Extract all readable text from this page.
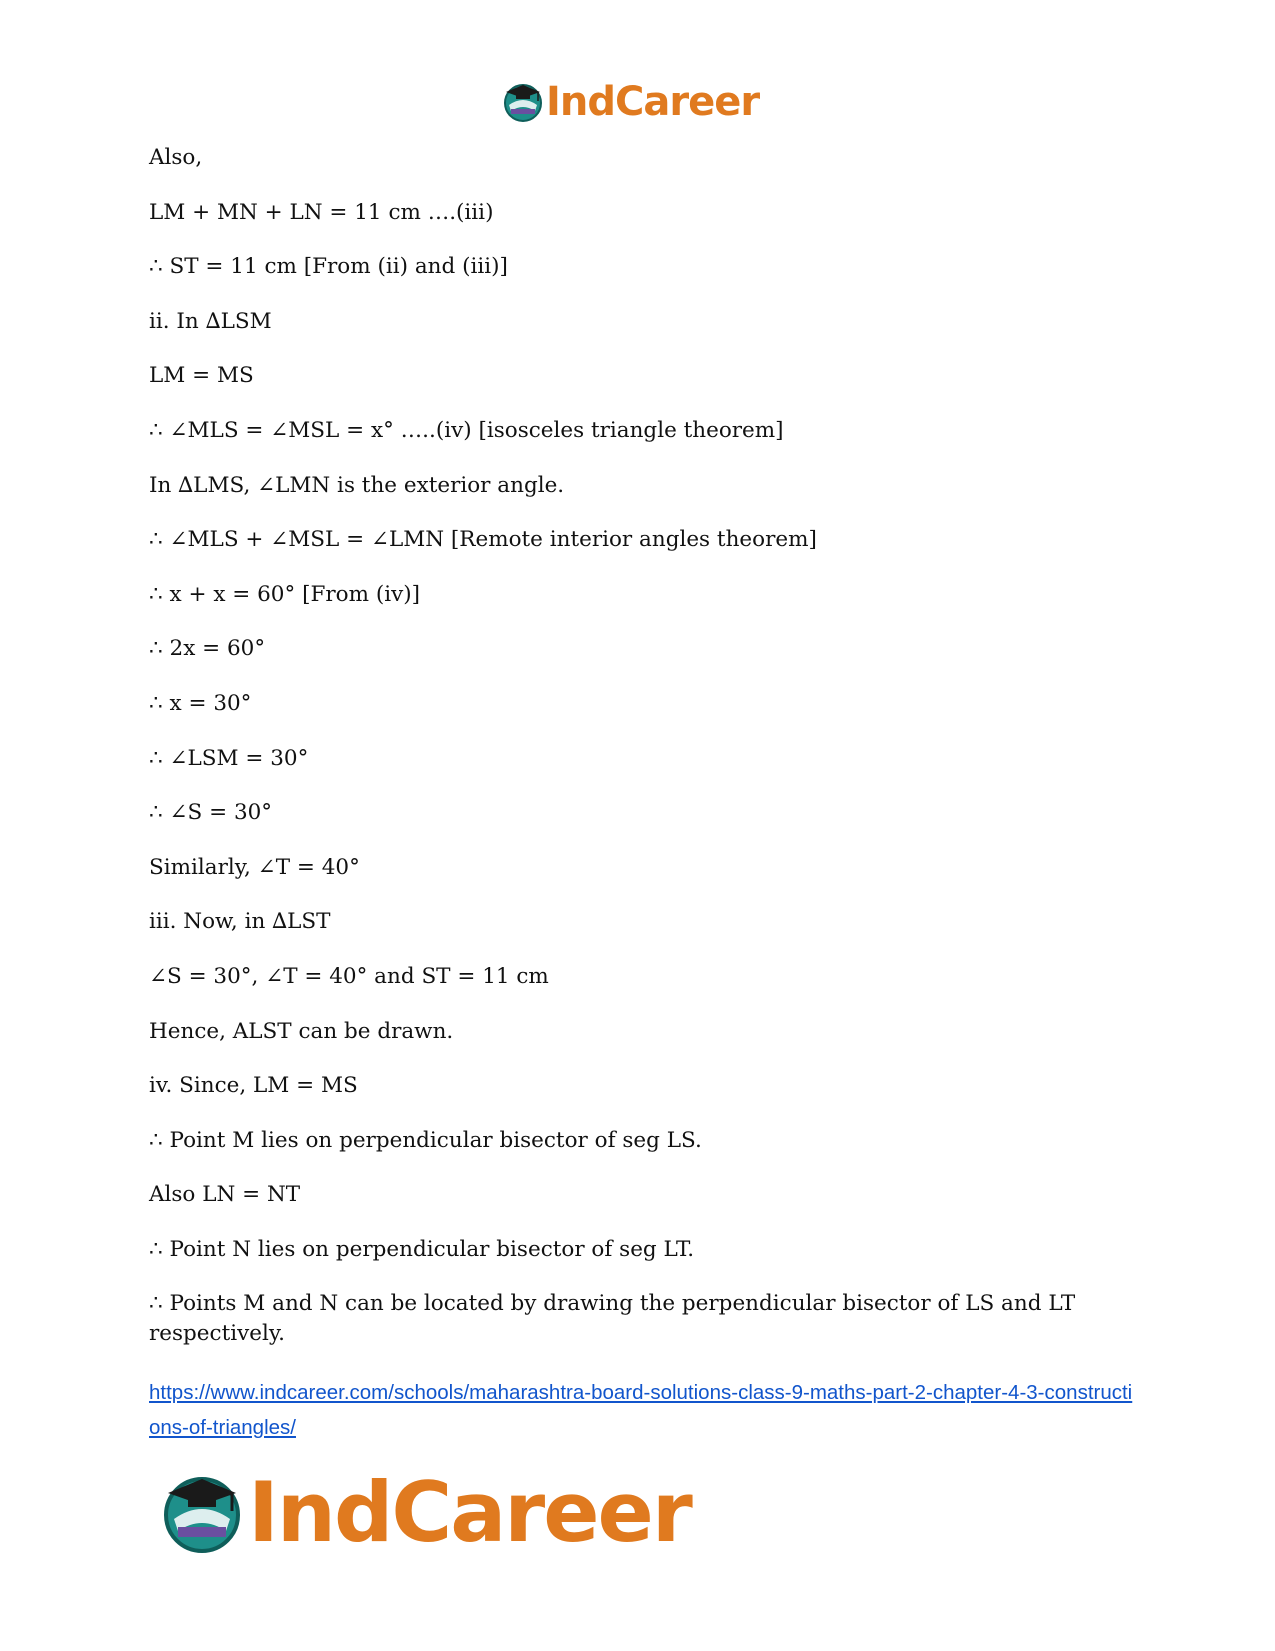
IndCareer
Also,
LM + MN + LN = 11 cm ….(iii)
∴ ST = 11 cm [From (ii) and (iii)]
ii. In ∆LSM
LM = MS
∴ ∠MLS = ∠MSL = x° …..(iv) [isosceles triangle theorem]
In ∆LMS, ∠LMN is the exterior angle.
∴ ∠MLS + ∠MSL = ∠LMN [Remote interior angles theorem]
∴ x + x = 60° [From (iv)]
∴ 2x = 60°
∴ x = 30°
∴ ∠LSM = 30°
∴ ∠S = 30°
Similarly, ∠T = 40°
iii. Now, in ∆LST
∠S = 30°, ∠T = 40° and ST = 11 cm
Hence, ALST can be drawn.
iv. Since, LM = MS
∴ Point M lies on perpendicular bisector of seg LS.
Also LN = NT
∴ Point N lies on perpendicular bisector of seg LT.
∴ Points M and N can be located by drawing the perpendicular bisector of LS and LT respectively.
https://www.indcareer.com/schools/maharashtra-board-solutions-class-9-maths-part-2-chapter-4-3-constructions-of-triangles/
IndCareer
